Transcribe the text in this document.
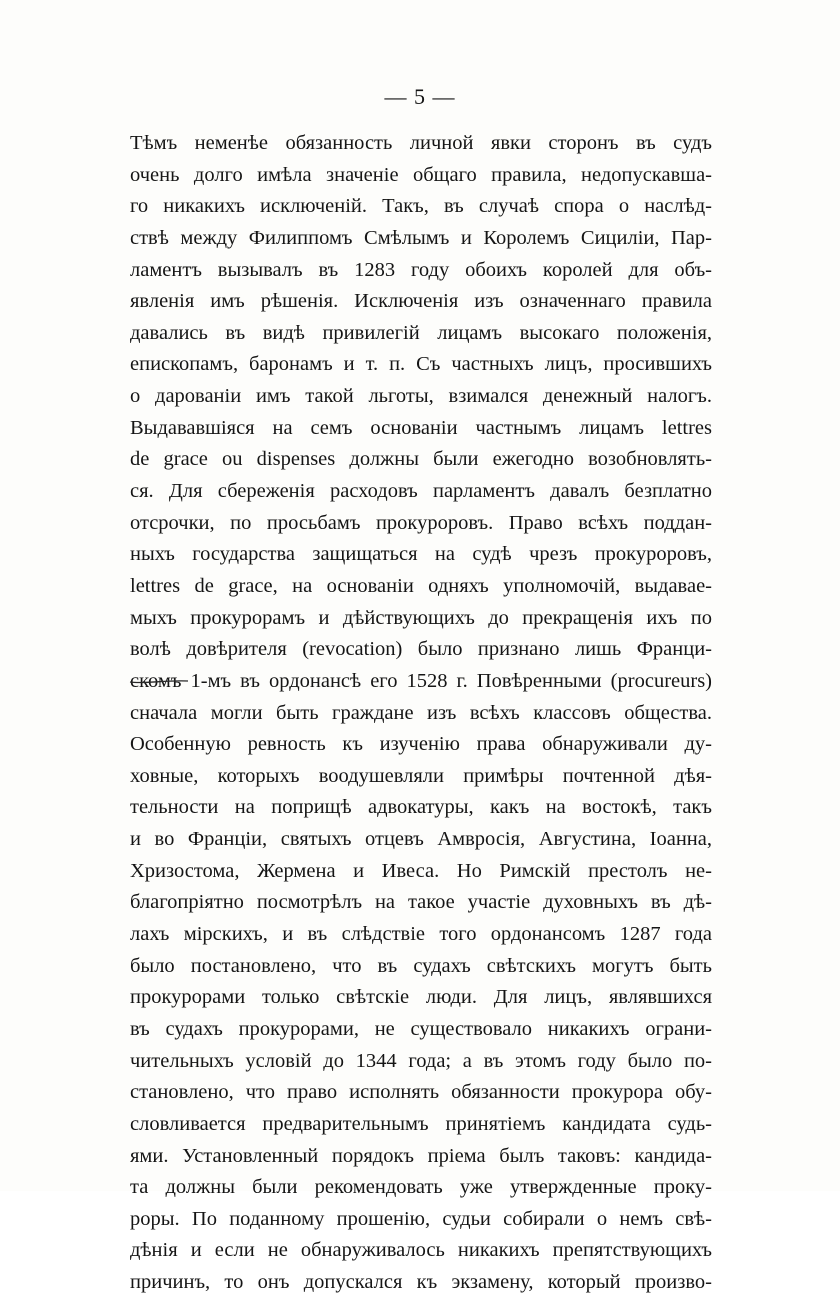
— 5 —
Тѣмъ неменѣе обязанность личной явки сторонъ въ судъ
очень долго имѣла значеніе общаго правила, недопускавша-
го никакихъ исключеній. Такъ, въ случаѣ спора о наслѣд-
ствѣ между Филиппомъ Смѣлымъ и Королемъ Сициліи, Пар-
ламентъ вызывалъ въ 1283 году обоихъ королей для объ-
явленія имъ рѣшенія. Исключенія изъ означеннаго правила
давались въ видѣ привилегій лицамъ высокаго положенія,
епископамъ, баронамъ и т. п. Съ частныхъ лицъ, просившихъ
о дарованіи имъ такой льготы, взимался денежный налогъ.
Выдававшіяся на семъ основаніи частнымъ лицамъ lettres
de grace ou dispenses должны были ежегодно возобновлять-
ся. Для сбереженія расходовъ парламентъ давалъ безплатно
отсрочки, по просьбамъ прокуроровъ. Право всѣхъ поддан-
ныхъ государства защищаться на судѣ чрезъ прокуроровъ,
lettres de grace, на основаніи одняхъ уполномочій, выдавае-
мыхъ прокурорамъ и дѣйствующихъ до прекращенія ихъ по
волѣ довѣрителя (revocation) было признано лишь Франци-
скомъ 1-мъ въ ордонансѣ его 1528 г. Повѣренными (procureurs)
сначала могли быть граждане изъ всѣхъ классовъ общества.
Особенную ревность къ изученію права обнаруживали ду-
ховные, которыхъ воодушевляли примѣры почтенной дѣя-
тельности на поприщѣ адвокатуры, какъ на востокѣ, такъ
и во Франціи, святыхъ отцевъ Амвросія, Августина, Іоанна,
Хризостома, Жермена и Ивеса. Но Римскій престолъ не-
благопріятно посмотрѣлъ на такое участіе духовныхъ въ дѣ-
лахъ мірскихъ, и въ слѣдствіе того ордонансомъ 1287 года
было постановлено, что въ судахъ свѣтскихъ могутъ быть
прокурорами только свѣтскіе люди. Для лицъ, являвшихся
въ судахъ прокурорами, не существовало никакихъ ограни-
чительныхъ условій до 1344 года; а въ этомъ году было по-
становлено, что право исполнять обязанности прокурора обу-
словливается предварительнымъ принятіемъ кандидата судь-
ями. Установленный порядокъ пріема былъ таковъ: кандида-
та должны были рекомендовать уже утвержденные проку-
роры. По поданному прошенію, судьи собирали о немъ свѣ-
дѣнія и если не обнаруживалось никакихъ препятствующихъ
причинъ, то онъ допускался къ экзамену, который произво-
